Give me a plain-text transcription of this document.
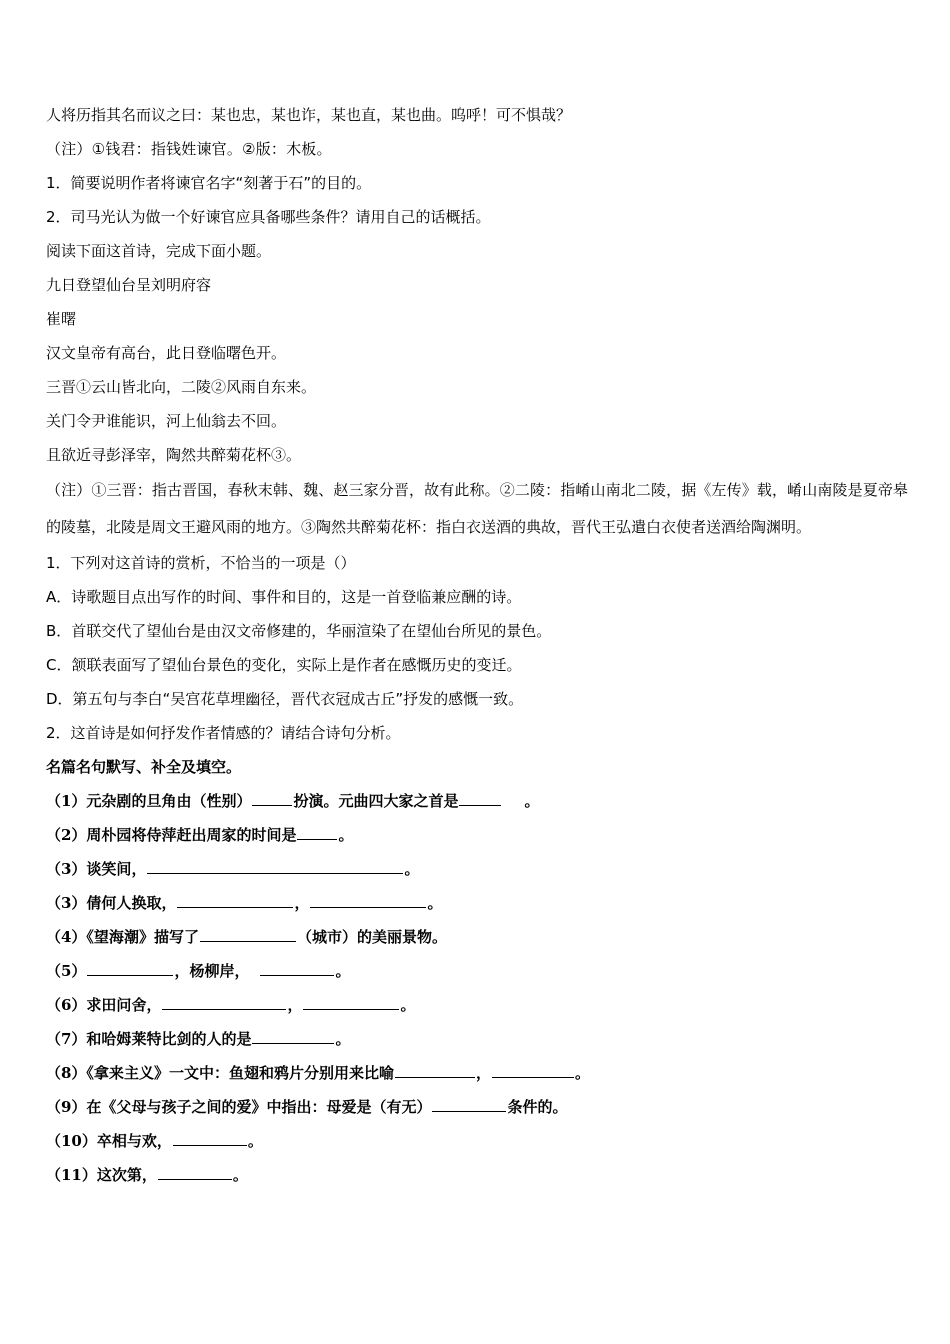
人将历指其名而议之曰：某也忠，某也诈，某也直，某也曲。呜呼！可不惧哉？
（注）①钱君：指钱姓谏官。②版：木板。
1．简要说明作者将谏官名字“刻著于石”的目的。
2．司马光认为做一个好谏官应具备哪些条件？请用自己的话概括。
阅读下面这首诗，完成下面小题。
九日登望仙台呈刘明府容
崔曙
汉文皇帝有高台，此日登临曙色开。
三晋①云山皆北向，二陵②风雨自东来。
关门令尹谁能识，河上仙翁去不回。
且欲近寻彭泽宰，陶然共醉菊花杯③。
（注）①三晋：指古晋国，春秋末韩、魏、赵三家分晋，故有此称。②二陵：指崤山南北二陵，据《左传》载，崤山南陵是夏帝皋的陵墓，北陵是周文王避风雨的地方。③陶然共醉菊花杯：指白衣送酒的典故，晋代王弘遣白衣使者送酒给陶渊明。
1．下列对这首诗的赏析，不恰当的一项是（）
A．诗歌题目点出写作的时间、事件和目的，这是一首登临兼应酬的诗。
B．首联交代了望仙台是由汉文帝修建的，华丽渲染了在望仙台所见的景色。
C．颔联表面写了望仙台景色的变化，实际上是作者在感慨历史的变迁。
D．第五句与李白“吴宫花草埋幽径，晋代衣冠成古丘”抒发的感慨一致。
2．这首诗是如何抒发作者情感的？请结合诗句分析。
名篇名句默写、补全及填空。
（1）元杂剧的旦角由（性别）	扮演。元曲四大家之首是	。
（2）周朴园将侍萍赶出周家的时间是	。
（3）谈笑间，	。
（3）倩何人换取，	，	。
（4）《望海潮》描写了	（城市）的美丽景物。
（5）	，杨柳岸，	。
（6）求田问舍，	，	。
（7）和哈姆莱特比剑的人的是	。
（8）《拿来主义》一文中：鱼翅和鸦片分别用来比喻	，	。
（9）在《父母与孩子之间的爱》中指出：母爱是（有无）	条件的。
（10）卒相与欢，	。
（11）这次第，	。
